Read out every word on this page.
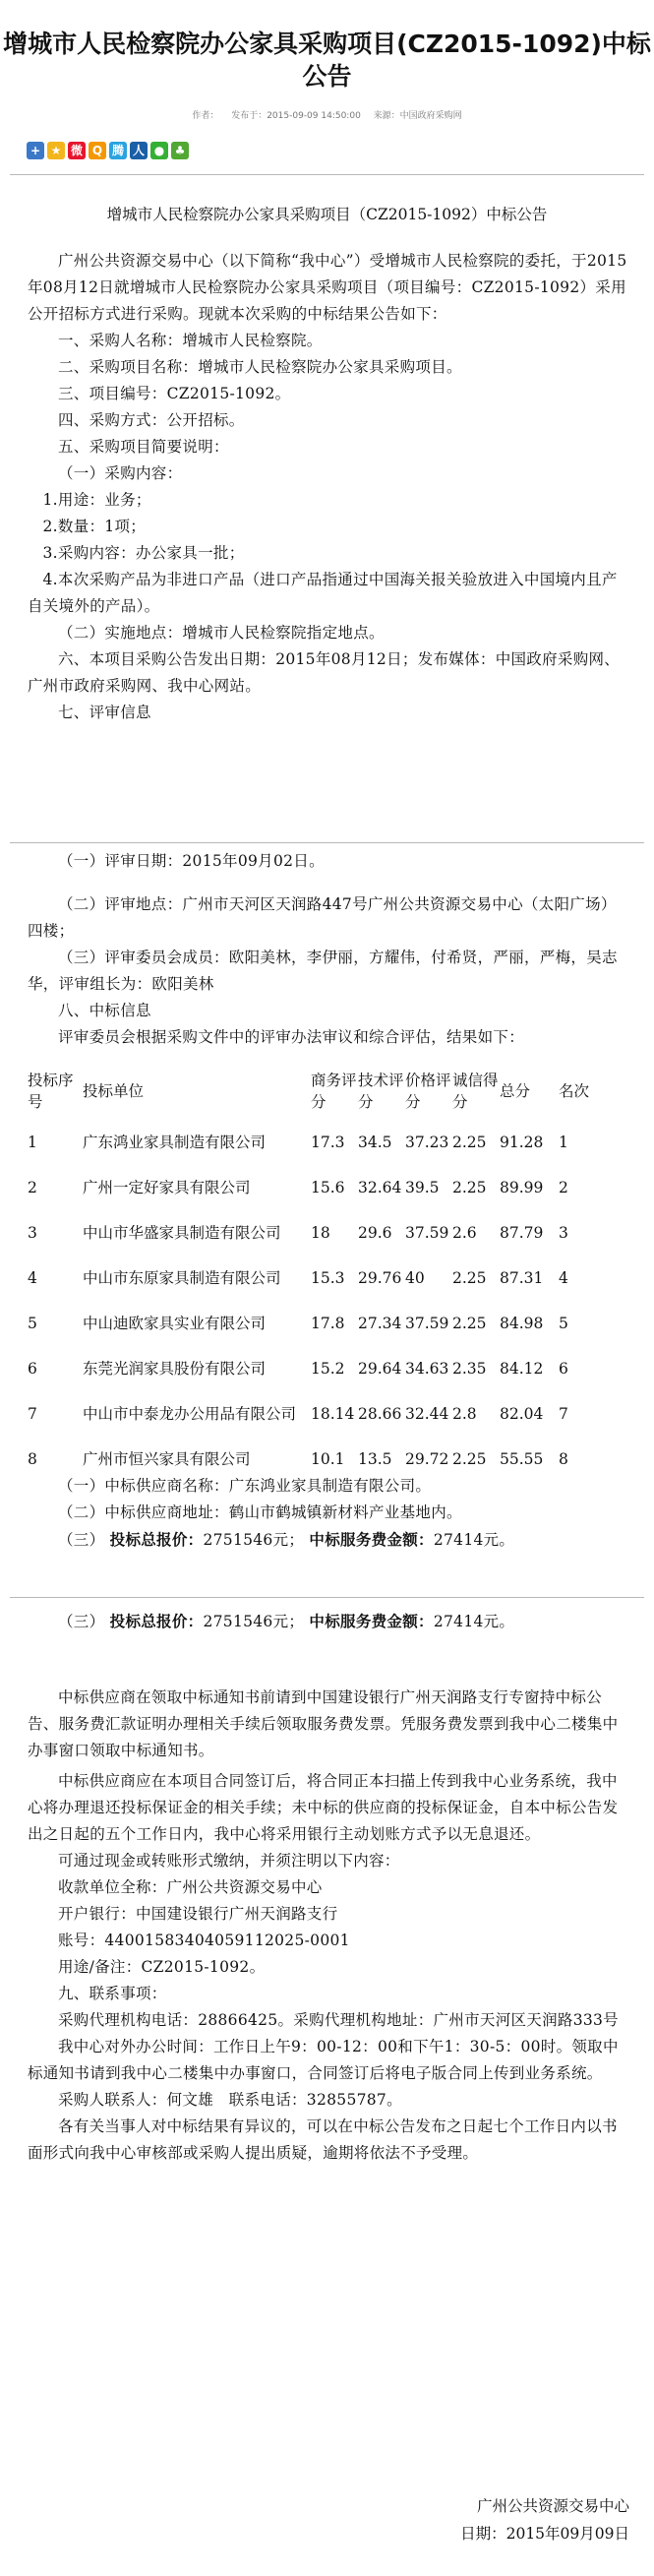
增城市人民检察院办公家具采购项目(CZ2015-1092)中标公告
作者： 发布于：2015-09-09 14:50:00 来源：中国政府采购网
+ ★ 微 Q 腾 人 ● ♣
增城市人民检察院办公家具采购项目（CZ2015-1092）中标公告

广州公共资源交易中心（以下简称“我中心”）受增城市人民检察院的委托，于2015年08月12日就增城市人民检察院办公家具采购项目（项目编号：CZ2015-1092）采用公开招标方式进行采购。现就本次采购的中标结果公告如下：

一、采购人名称：增城市人民检察院。

二、采购项目名称：增城市人民检察院办公家具采购项目。

三、项目编号：CZ2015-1092。

四、采购方式：公开招标。

五、采购项目简要说明：

（一）采购内容：

1.用途：业务；

2.数量：1项；

3.采购内容：办公家具一批；

4.本次采购产品为非进口产品（进口产品指通过中国海关报关验放进入中国境内且产自关境外的产品）。

（二）实施地点：增城市人民检察院指定地点。

六、本项目采购公告发出日期：2015年08月12日；发布媒体：中国政府采购网、广州市政府采购网、我中心网站。

七、评审信息

（一）评审日期：2015年09月02日。

（二）评审地点：广州市天河区天润路447号广州公共资源交易中心（太阳广场）四楼；

（三）评审委员会成员：欧阳美林，李伊丽，方耀伟，付希贤，严丽，严梅，吴志华，评审组长为：欧阳美林

八、中标信息

评审委员会根据采购文件中的评审办法审议和综合评估，结果如下：

投标序号	投标单位	商务评分	技术评分	价格评分	诚信得分	总分	名次
1	广东鸿业家具制造有限公司	17.3	34.5	37.23	2.25	91.28	1
2	广州一定好家具有限公司	15.6	32.64	39.5	2.25	89.99	2
3	中山市华盛家具制造有限公司	18	29.6	37.59	2.6	87.79	3
4	中山市东原家具制造有限公司	15.3	29.76	40	2.25	87.31	4
5	中山迪欧家具实业有限公司	17.8	27.34	37.59	2.25	84.98	5
6	东莞光润家具股份有限公司	15.2	29.64	34.63	2.35	84.12	6
7	中山市中泰龙办公用品有限公司	18.14	28.66	32.44	2.8	82.04	7
8	广州市恒兴家具有限公司	10.1	13.5	29.72	2.25	55.55	8

（一）中标供应商名称：广东鸿业家具制造有限公司。

（二）中标供应商地址：鹤山市鹤城镇新材料产业基地内。

（三） 投标总报价：2751546元； 中标服务费金额：27414元。

（三） 投标总报价：2751546元； 中标服务费金额：27414元。

中标供应商在领取中标通知书前请到中国建设银行广州天润路支行专窗持中标公告、服务费汇款证明办理相关手续后领取服务费发票。凭服务费发票到我中心二楼集中办事窗口领取中标通知书。

中标供应商应在本项目合同签订后，将合同正本扫描上传到我中心业务系统，我中心将办理退还投标保证金的相关手续；未中标的供应商的投标保证金，自本中标公告发出之日起的五个工作日内，我中心将采用银行主动划账方式予以无息退还。

可通过现金或转账形式缴纳，并须注明以下内容：

收款单位全称：广州公共资源交易中心

开户银行：中国建设银行广州天润路支行

账号：44001583404059112025-0001

用途/备注：CZ2015-1092。

九、联系事项：

采购代理机构电话：28866425。采购代理机构地址：广州市天河区天润路333号

我中心对外办公时间：工作日上午9：00-12：00和下午1：30-5：00时。领取中标通知书请到我中心二楼集中办事窗口，合同签订后将电子版合同上传到业务系统。

采购人联系人：何文雄　联系电话：32855787。

各有关当事人对中标结果有异议的，可以在中标公告发布之日起七个工作日内以书面形式向我中心审核部或采购人提出质疑，逾期将依法不予受理。

广州公共资源交易中心
日期：2015年09月09日
